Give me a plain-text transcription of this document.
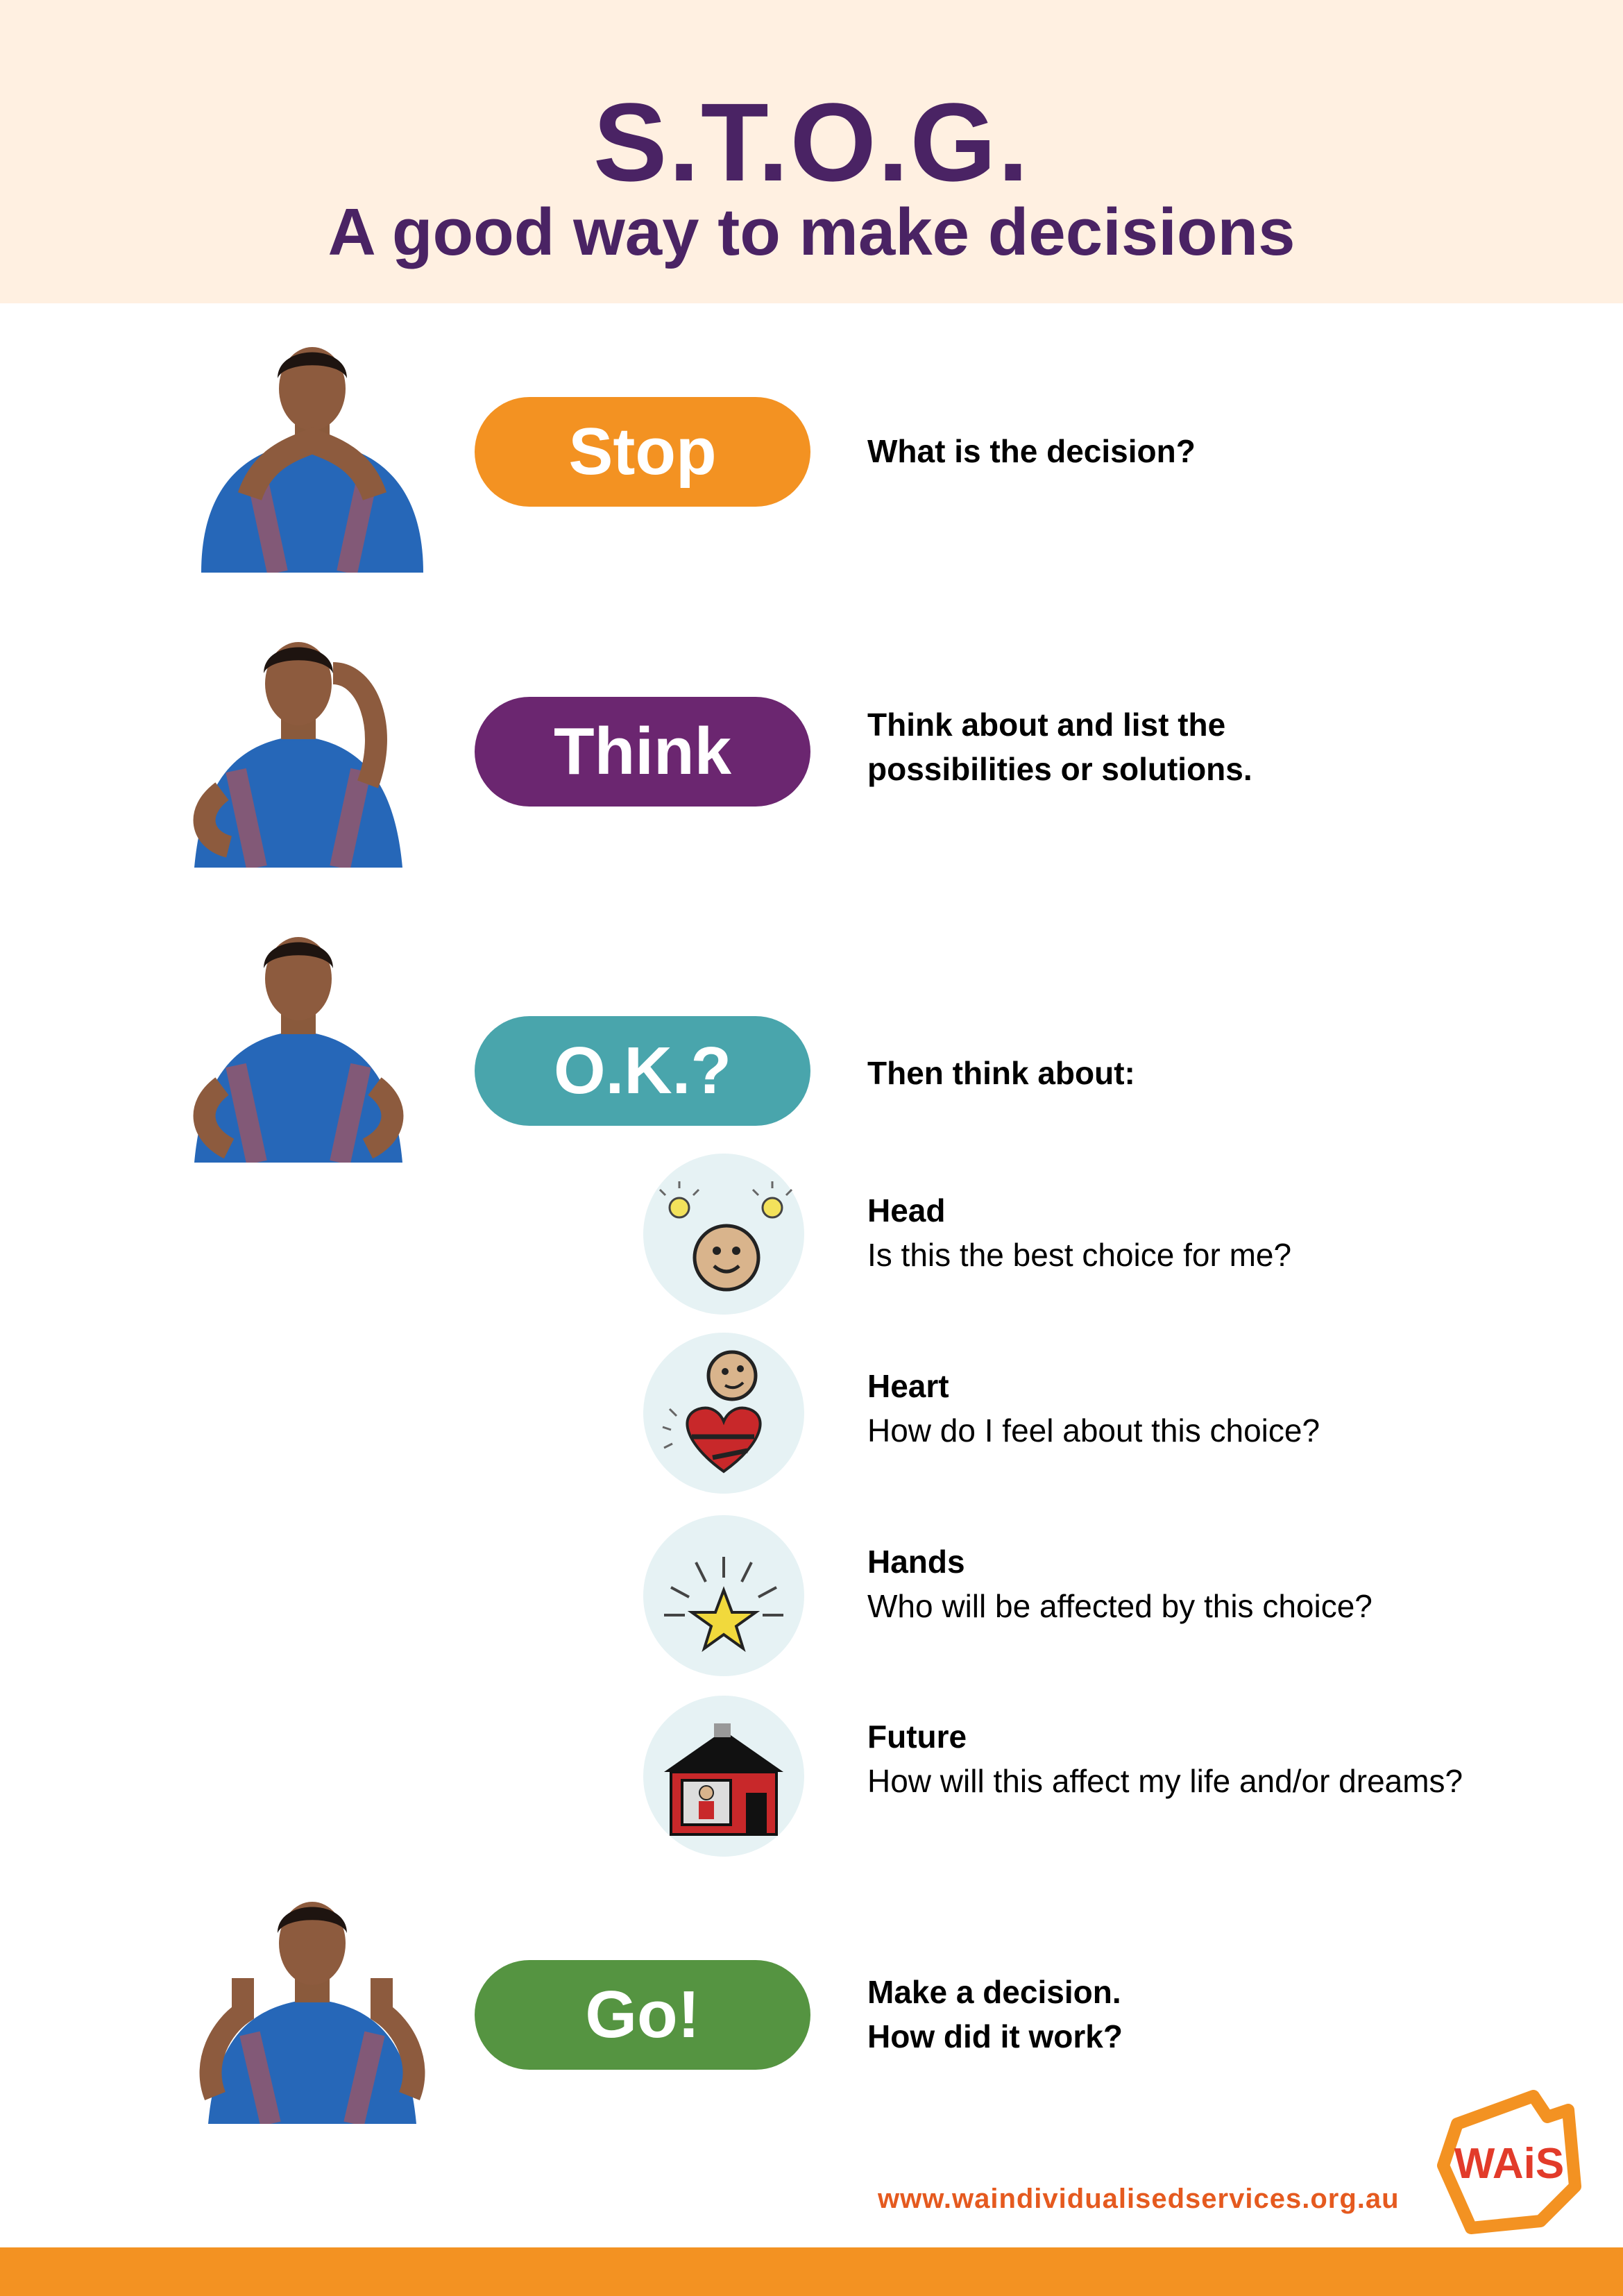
S.T.O.G.
A good way to make decisions
Stop	What is the decision?
Think	Think about and list the
possibilities or solutions.
O.K.?	Then think about:
Head
Is this the best choice for me?
Heart
How do I feel about this choice?
Hands
Who will be affected by this choice?
Future
How will this affect my life and/or dreams?
Go!	Make a decision.
How did it work?
www.waindividualisedservices.org.au
WAiS
